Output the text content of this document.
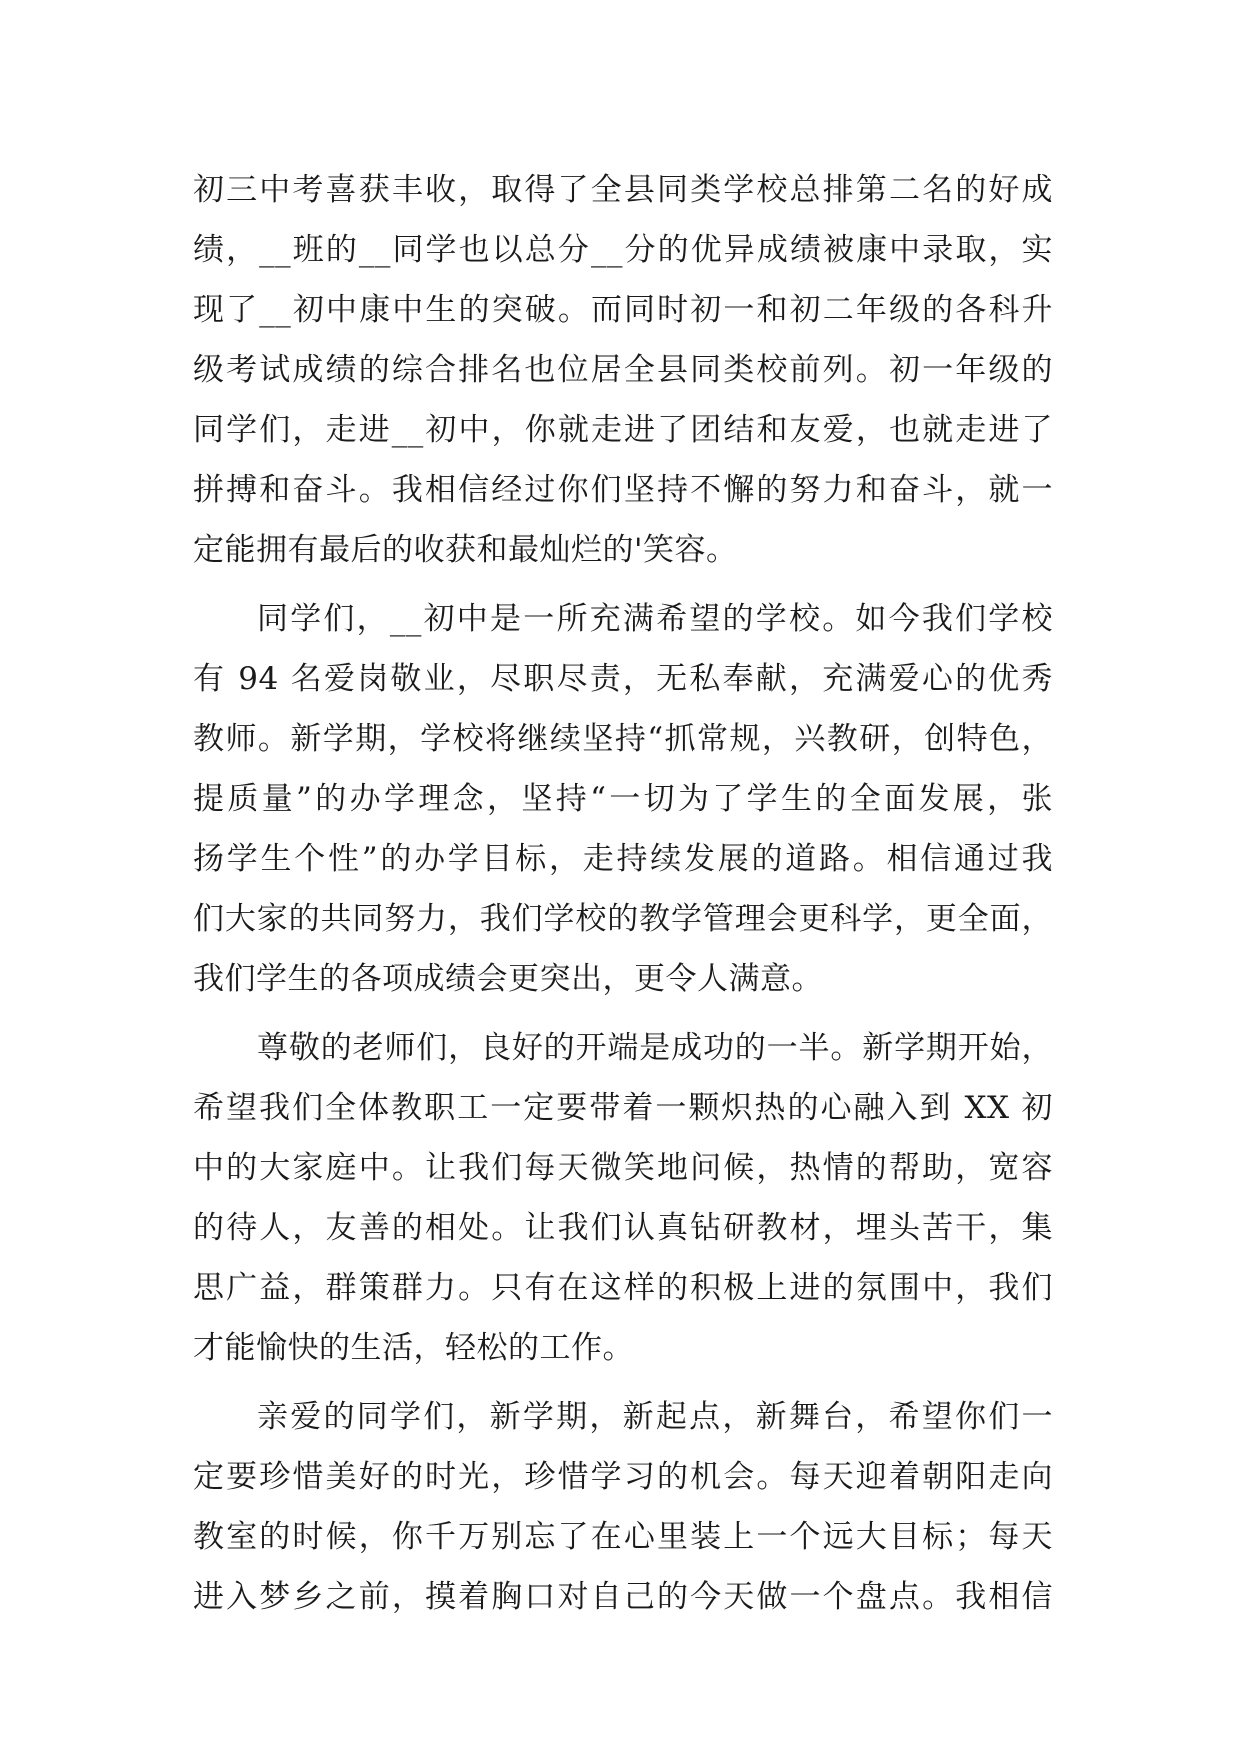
初三中考喜获丰收，取得了全县同类学校总排第二名的好成
绩，__班的__同学也以总分__分的优异成绩被康中录取，实
现了__初中康中生的突破。而同时初一和初二年级的各科升
级考试成绩的综合排名也位居全县同类校前列。初一年级的
同学们，走进__初中，你就走进了团结和友爱，也就走进了
拼搏和奋斗。我相信经过你们坚持不懈的努力和奋斗，就一
定能拥有最后的收获和最灿烂的'笑容。
同学们，__初中是一所充满希望的学校。如今我们学校
有 94 名爱岗敬业，尽职尽责，无私奉献，充满爱心的优秀
教师。新学期，学校将继续坚持“抓常规，兴教研，创特色，
提质量”的办学理念，坚持“一切为了学生的全面发展，张
扬学生个性”的办学目标，走持续发展的道路。相信通过我
们大家的共同努力，我们学校的教学管理会更科学，更全面，
我们学生的各项成绩会更突出，更令人满意。
尊敬的老师们，良好的开端是成功的一半。新学期开始，
希望我们全体教职工一定要带着一颗炽热的心融入到 XX 初
中的大家庭中。让我们每天微笑地问候，热情的帮助，宽容
的待人，友善的相处。让我们认真钻研教材，埋头苦干，集
思广益，群策群力。只有在这样的积极上进的氛围中，我们
才能愉快的生活，轻松的工作。
亲爱的同学们，新学期，新起点，新舞台，希望你们一
定要珍惜美好的时光，珍惜学习的机会。每天迎着朝阳走向
教室的时候，你千万别忘了在心里装上一个远大目标；每天
进入梦乡之前，摸着胸口对自己的今天做一个盘点。我相信
